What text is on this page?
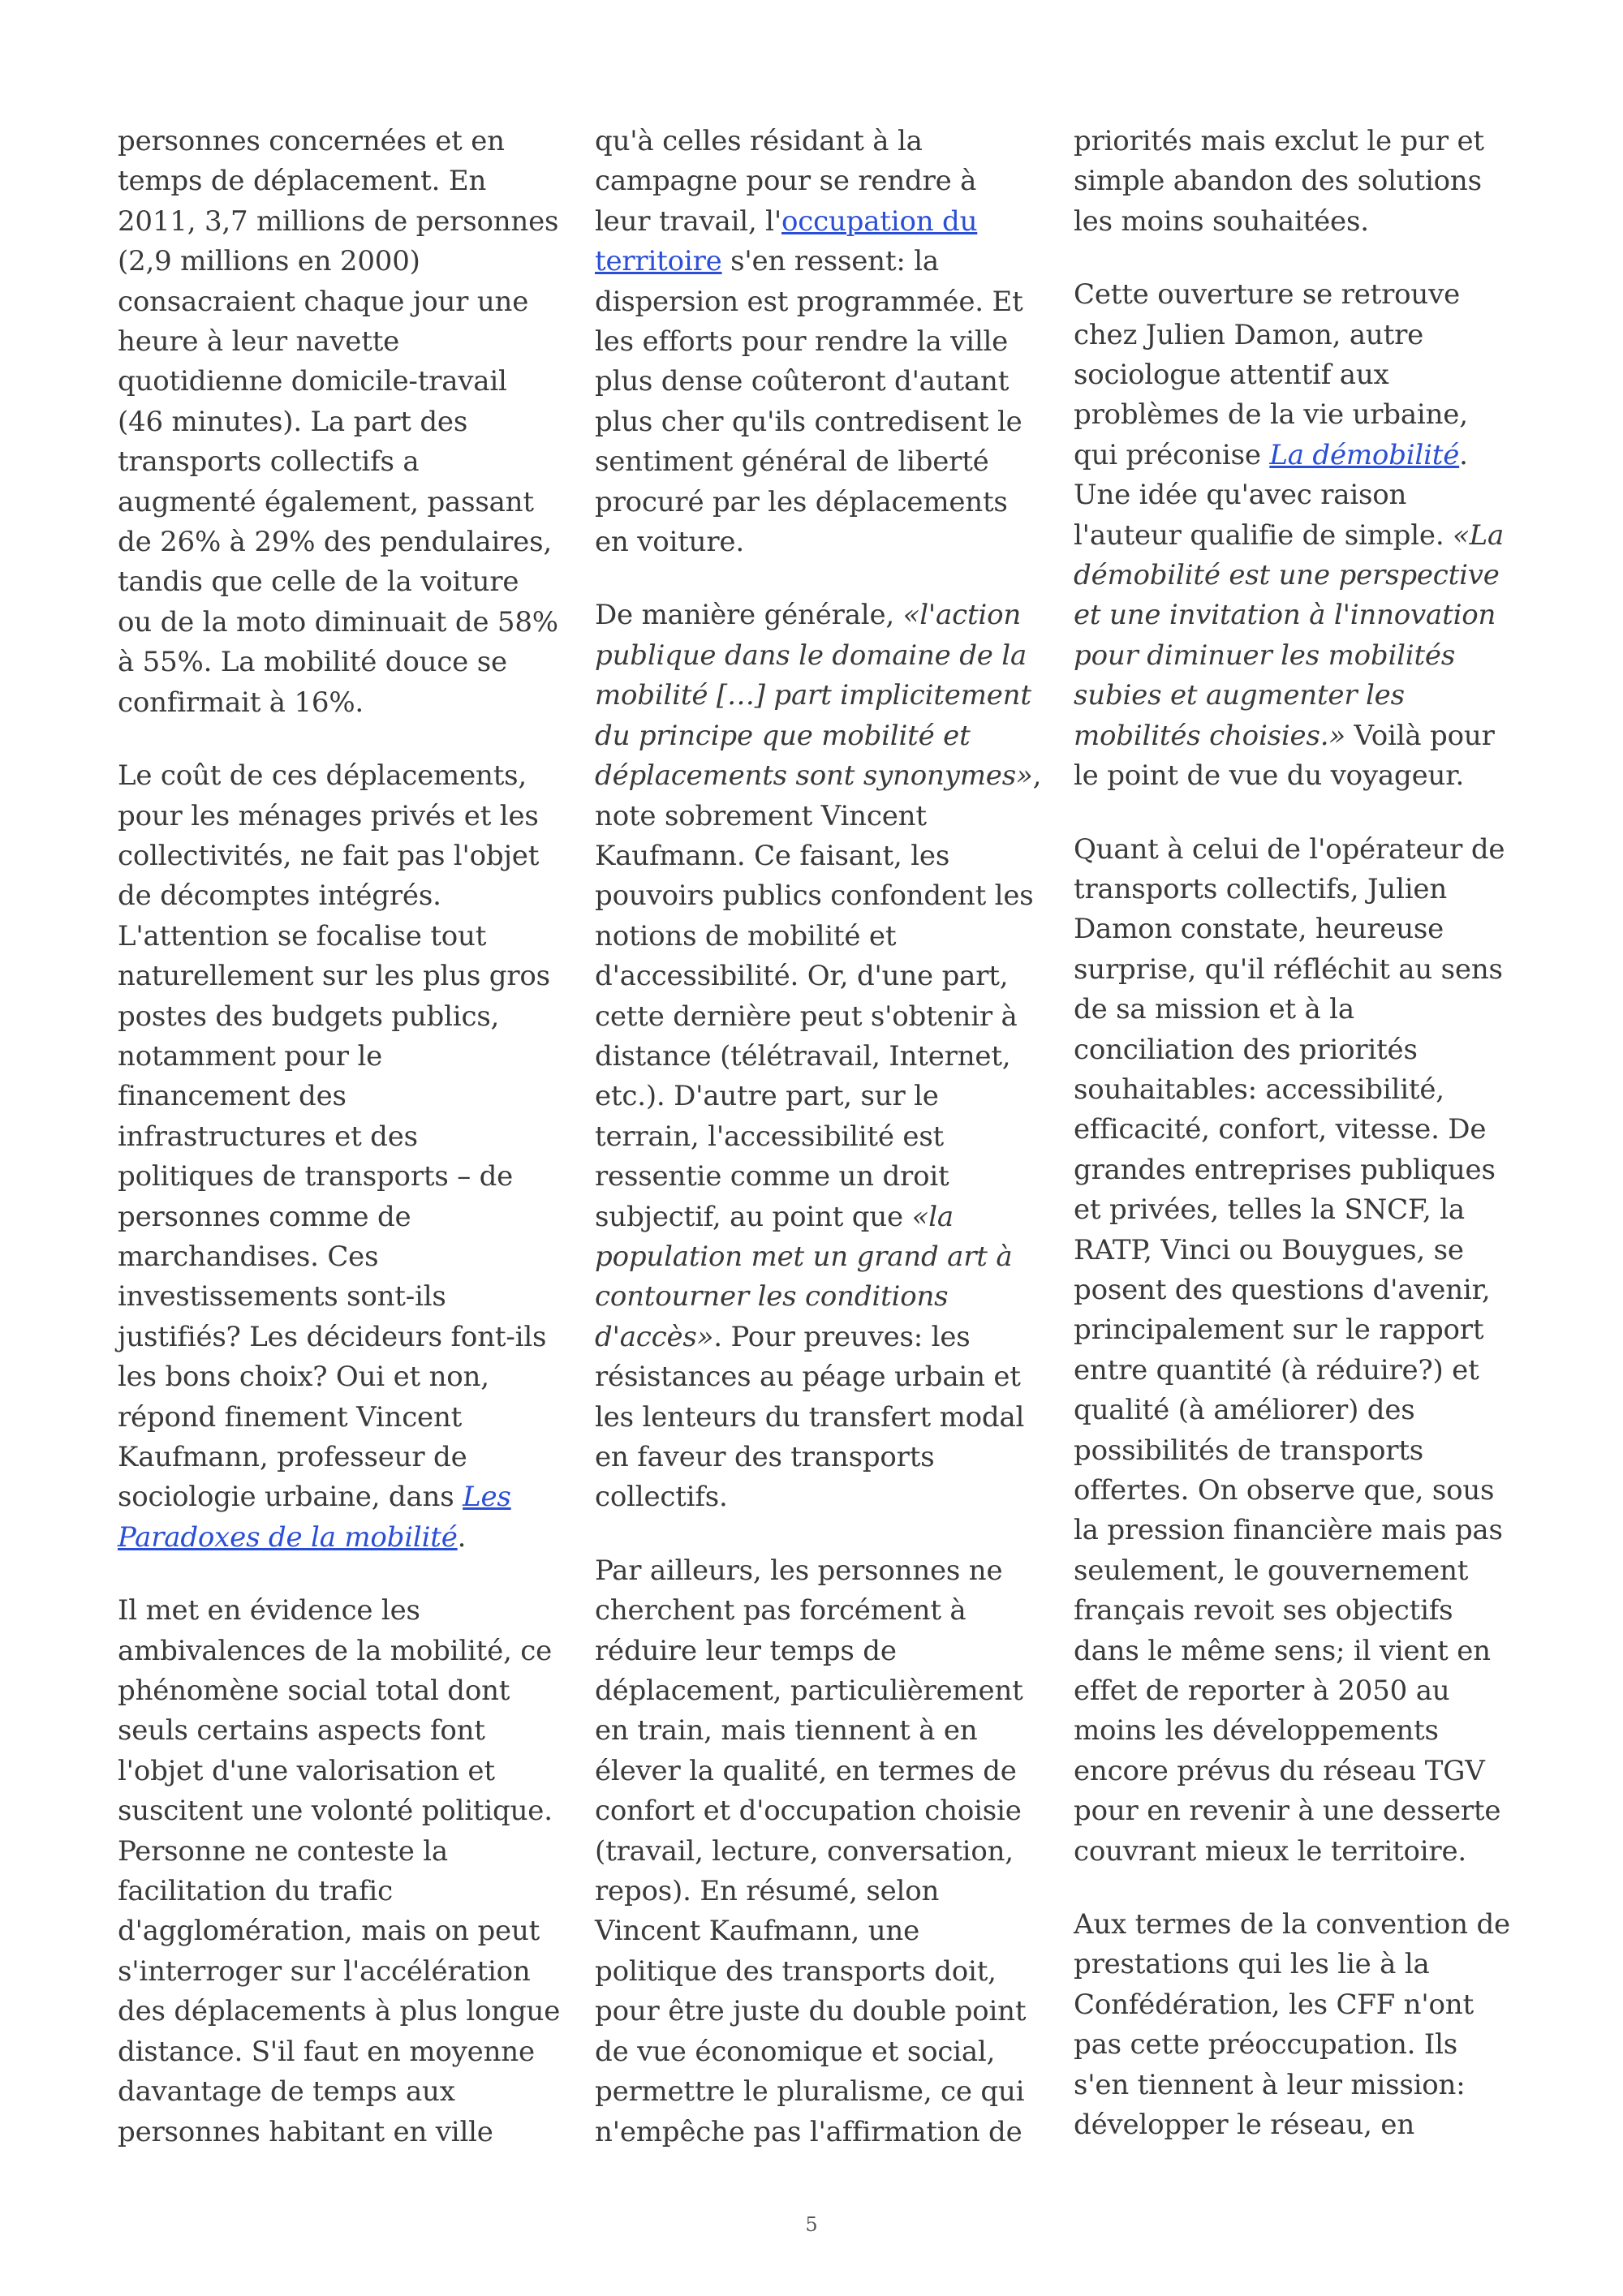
personnes concernées et en
temps de déplacement. En
2011, 3,7 millions de personnes
(2,9 millions en 2000)
consacraient chaque jour une
heure à leur navette
quotidienne domicile-travail
(46 minutes). La part des
transports collectifs a
augmenté également, passant
de 26% à 29% des pendulaires,
tandis que celle de la voiture
ou de la moto diminuait de 58%
à 55%. La mobilité douce se
confirmait à 16%.
Le coût de ces déplacements,
pour les ménages privés et les
collectivités, ne fait pas l'objet
de décomptes intégrés.
L'attention se focalise tout
naturellement sur les plus gros
postes des budgets publics,
notamment pour le
financement des
infrastructures et des
politiques de transports – de
personnes comme de
marchandises. Ces
investissements sont-ils
justifiés? Les décideurs font-ils
les bons choix? Oui et non,
répond finement Vincent
Kaufmann, professeur de
sociologie urbaine, dans Les
Paradoxes de la mobilité.
Il met en évidence les
ambivalences de la mobilité, ce
phénomène social total dont
seuls certains aspects font
l'objet d'une valorisation et
suscitent une volonté politique.
Personne ne conteste la
facilitation du trafic
d'agglomération, mais on peut
s'interroger sur l'accélération
des déplacements à plus longue
distance. S'il faut en moyenne
davantage de temps aux
personnes habitant en ville
qu'à celles résidant à la
campagne pour se rendre à
leur travail, l'occupation du
territoire s'en ressent: la
dispersion est programmée. Et
les efforts pour rendre la ville
plus dense coûteront d'autant
plus cher qu'ils contredisent le
sentiment général de liberté
procuré par les déplacements
en voiture.
De manière générale, «l'action
publique dans le domaine de la
mobilité […] part implicitement
du principe que mobilité et
déplacements sont synonymes»,
note sobrement Vincent
Kaufmann. Ce faisant, les
pouvoirs publics confondent les
notions de mobilité et
d'accessibilité. Or, d'une part,
cette dernière peut s'obtenir à
distance (télétravail, Internet,
etc.). D'autre part, sur le
terrain, l'accessibilité est
ressentie comme un droit
subjectif, au point que «la
population met un grand art à
contourner les conditions
d'accès». Pour preuves: les
résistances au péage urbain et
les lenteurs du transfert modal
en faveur des transports
collectifs.
Par ailleurs, les personnes ne
cherchent pas forcément à
réduire leur temps de
déplacement, particulièrement
en train, mais tiennent à en
élever la qualité, en termes de
confort et d'occupation choisie
(travail, lecture, conversation,
repos). En résumé, selon
Vincent Kaufmann, une
politique des transports doit,
pour être juste du double point
de vue économique et social,
permettre le pluralisme, ce qui
n'empêche pas l'affirmation de
priorités mais exclut le pur et
simple abandon des solutions
les moins souhaitées.
Cette ouverture se retrouve
chez Julien Damon, autre
sociologue attentif aux
problèmes de la vie urbaine,
qui préconise La démobilité.
Une idée qu'avec raison
l'auteur qualifie de simple. «La
démobilité est une perspective
et une invitation à l'innovation
pour diminuer les mobilités
subies et augmenter les
mobilités choisies.» Voilà pour
le point de vue du voyageur.
Quant à celui de l'opérateur de
transports collectifs, Julien
Damon constate, heureuse
surprise, qu'il réfléchit au sens
de sa mission et à la
conciliation des priorités
souhaitables: accessibilité,
efficacité, confort, vitesse. De
grandes entreprises publiques
et privées, telles la SNCF, la
RATP, Vinci ou Bouygues, se
posent des questions d'avenir,
principalement sur le rapport
entre quantité (à réduire?) et
qualité (à améliorer) des
possibilités de transports
offertes. On observe que, sous
la pression financière mais pas
seulement, le gouvernement
français revoit ses objectifs
dans le même sens; il vient en
effet de reporter à 2050 au
moins les développements
encore prévus du réseau TGV
pour en revenir à une desserte
couvrant mieux le territoire.
Aux termes de la convention de
prestations qui les lie à la
Confédération, les CFF n'ont
pas cette préoccupation. Ils
s'en tiennent à leur mission:
développer le réseau, en
5
